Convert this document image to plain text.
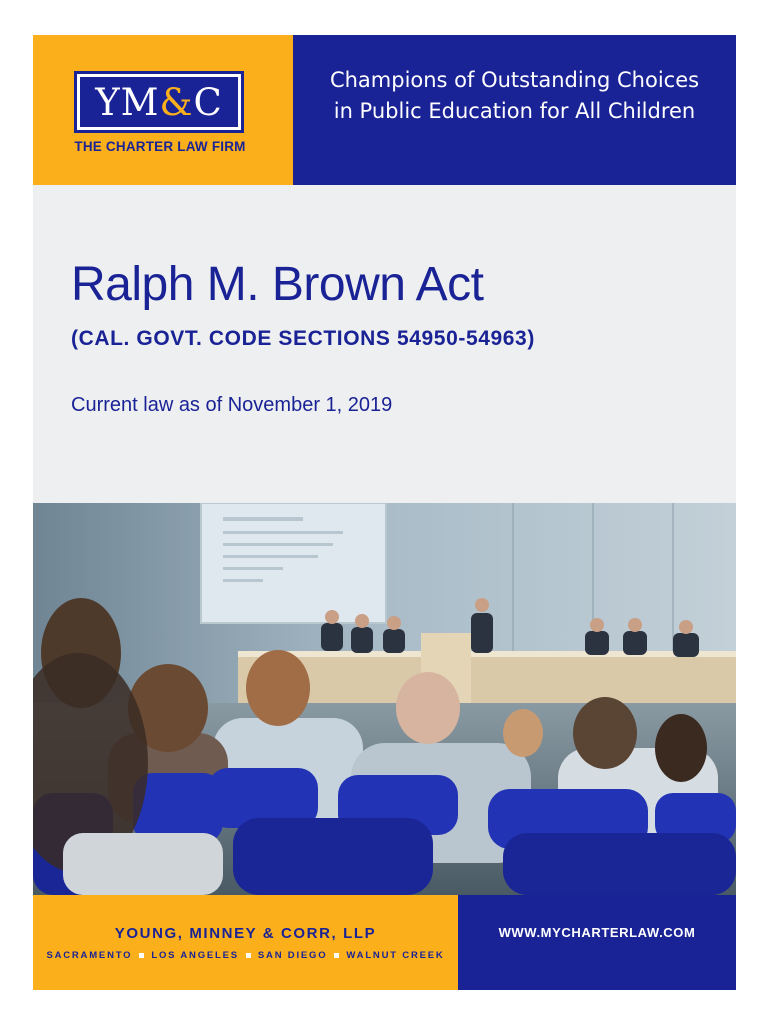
YM&C
THE CHARTER LAW FIRM
Champions of Outstanding Choices
in Public Education for All Children
Ralph M. Brown Act
(CAL. GOVT. CODE SECTIONS 54950-54963)
Current law as of November 1, 2019
YOUNG, MINNEY & CORR, LLP
SACRAMENTO LOS ANGELES SAN DIEGO WALNUT CREEK
WWW.MYCHARTERLAW.COM
